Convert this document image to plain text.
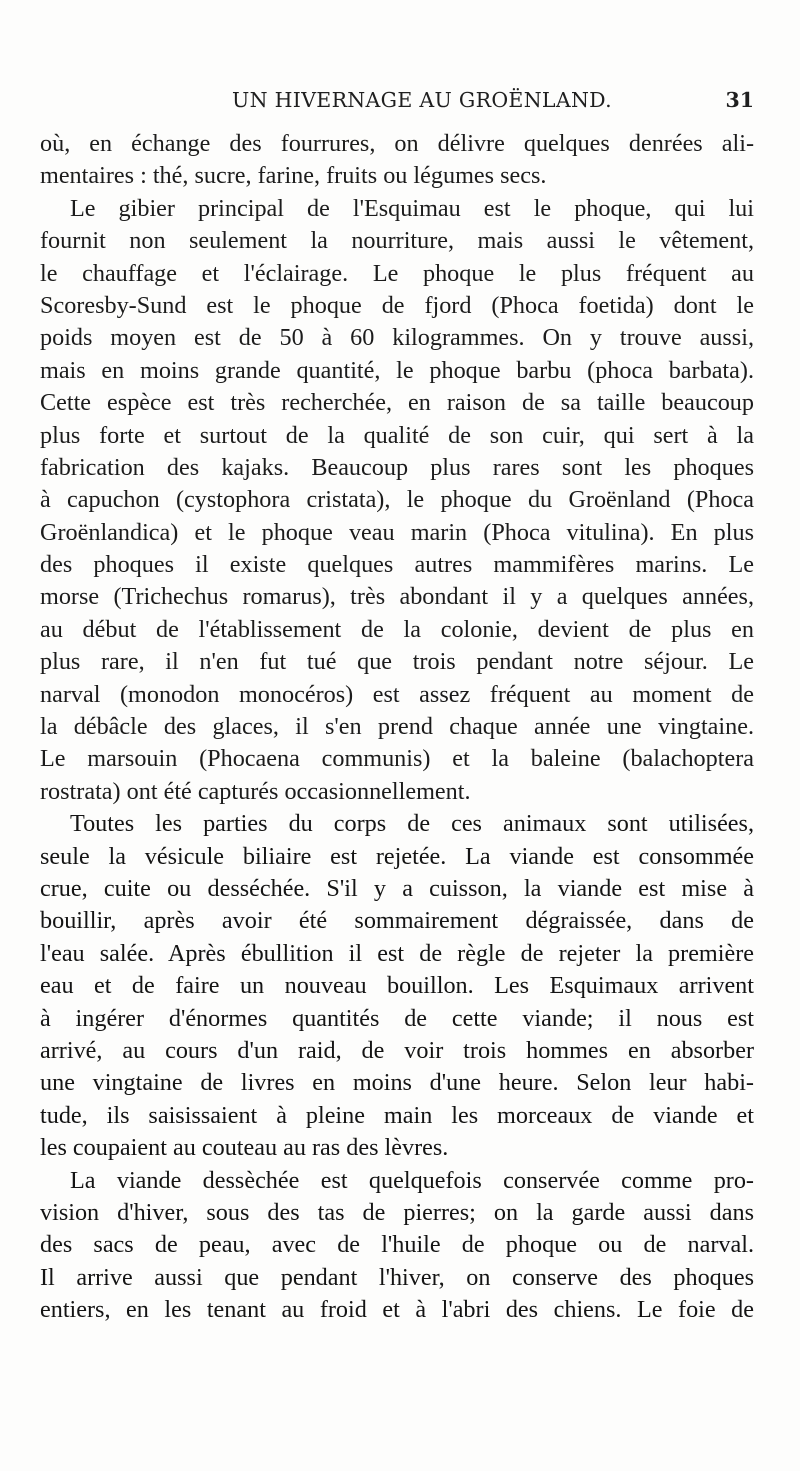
UN HIVERNAGE AU GROËNLAND.	31
où, en échange des fourrures, on délivre quelques denrées ali-
mentaires : thé, sucre, farine, fruits ou légumes secs.
Le gibier principal de l'Esquimau est le phoque, qui lui
fournit non seulement la nourriture, mais aussi le vêtement,
le chauffage et l'éclairage. Le phoque le plus fréquent au
Scoresby-Sund est le phoque de fjord (Phoca foetida) dont le
poids moyen est de 50 à 60 kilogrammes. On y trouve aussi,
mais en moins grande quantité, le phoque barbu (phoca barbata).
Cette espèce est très recherchée, en raison de sa taille beaucoup
plus forte et surtout de la qualité de son cuir, qui sert à la
fabrication des kajaks. Beaucoup plus rares sont les phoques
à capuchon (cystophora cristata), le phoque du Groënland (Phoca
Groënlandica) et le phoque veau marin (Phoca vitulina). En plus
des phoques il existe quelques autres mammifères marins. Le
morse (Trichechus romarus), très abondant il y a quelques années,
au début de l'établissement de la colonie, devient de plus en
plus rare, il n'en fut tué que trois pendant notre séjour. Le
narval (monodon monocéros) est assez fréquent au moment de
la débâcle des glaces, il s'en prend chaque année une vingtaine.
Le marsouin (Phocaena communis) et la baleine (balachoptera
rostrata) ont été capturés occasionnellement.
Toutes les parties du corps de ces animaux sont utilisées,
seule la vésicule biliaire est rejetée. La viande est consommée
crue, cuite ou desséchée. S'il y a cuisson, la viande est mise à
bouillir, après avoir été sommairement dégraissée, dans de
l'eau salée. Après ébullition il est de règle de rejeter la première
eau et de faire un nouveau bouillon. Les Esquimaux arrivent
à ingérer d'énormes quantités de cette viande; il nous est
arrivé, au cours d'un raid, de voir trois hommes en absorber
une vingtaine de livres en moins d'une heure. Selon leur habi-
tude, ils saisissaient à pleine main les morceaux de viande et
les coupaient au couteau au ras des lèvres.
La viande dessèchée est quelquefois conservée comme pro-
vision d'hiver, sous des tas de pierres; on la garde aussi dans
des sacs de peau, avec de l'huile de phoque ou de narval.
Il arrive aussi que pendant l'hiver, on conserve des phoques
entiers, en les tenant au froid et à l'abri des chiens. Le foie de
